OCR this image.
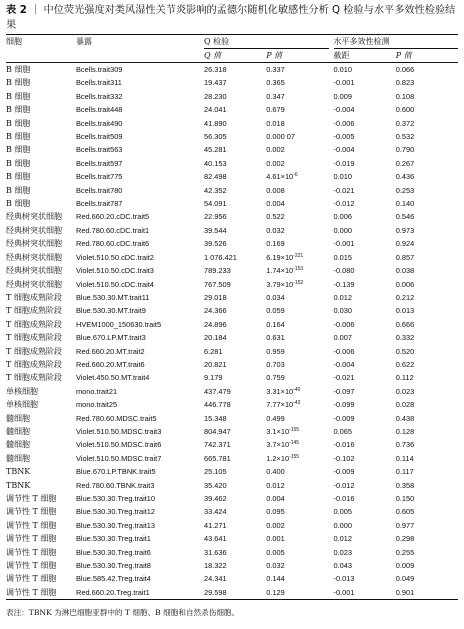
表 2 ｜ 中位荧光强度对类风湿性关节炎影响的孟德尔随机化敏感性分析 Q 检验与水平多效性检验结果
细胞	暴露	Q 检验			水平多效性检测	
		Q 值	P 值		截距	P 值
B 细胞	Bcells.trait309	26.318	0.337		0.010	0.066
B 细胞	Bcells.trait311	19.437	0.365		-0.001	0.823
B 细胞	Bcells.trait332	28.230	0.347		0.009	0.108
B 细胞	Bcells.trait448	24.041	0.679		-0.004	0.600
B 细胞	Bcells.trait490	41.890	0.018		-0.006	0.372
B 细胞	Bcells.trait509	56.305	0.000 07		-0.005	0.532
B 细胞	Bcells.trait563	45.281	0.002		-0.004	0.790
B 细胞	Bcells.trait597	40.153	0.002		-0.019	0.267
B 细胞	Bcells.trait775	82.498	$4.61\times 10^{-6}$		0.010	0.436
B 细胞	Bcells.trait780	42.352	0.008		-0.021	0.253
B 细胞	Bcells.trait787	54.091	0.004		-0.012	0.140
经典树突状细胞	Red.660.20.cDC.trait5	22.956	0.522		0.006	0.546
经典树突状细胞	Red.780.60.cDC.trait1	39.544	0.032		0.000	0.973
经典树突状细胞	Red.780.60.cDC.trait6	39.526	0.169		-0.001	0.924
经典树突状细胞	Violet.510.50.cDC.trait2	1 076.421	$6.19\times 10^{-221}$		0.015	0.857
经典树突状细胞	Violet.510.50.cDC.trait3	789.233	$1.74\times 10^{-153}$		-0.080	0.038
经典树突状细胞	Violet.510.50.cDC.trait4	767.509	$3.79\times 10^{-152}$		-0.139	0.006
T 细胞成熟阶段	Blue.530.30.MT.trait11	29.018	0.034		0.012	0.212
T 细胞成熟阶段	Blue.530.30.MT.trait9	24.366	0.059		0.030	0.013
T 细胞成熟阶段	HVEM1000_150630.trait5	24.896	0.164		-0.006	0.666
T 细胞成熟阶段	Blue.670.LP.MT.trait3	20.184	0.631		0.007	0.332
T 细胞成熟阶段	Red.660.20.MT.trait2	6.281	0.959		-0.006	0.520
T 细胞成熟阶段	Red.660.20.MT.trait6	20.821	0.703		-0.004	0.622
T 细胞成熟阶段	Violet.450.50.MT.trait4	9.179	0.759		-0.021	0.112
单核细胞	mono.trait21	437.479	$3.31\times 10^{-40}$		-0.097	0.023
单核细胞	mono.trait25	446.778	$7.77\times 10^{-43}$		-0.099	0.028
髓细胞	Red.780.60.MDSC.trait5	15.348	0.499		-0.009	0.438
髓细胞	Violet.510.50.MDSC.trait3	804.947	$3.1\times 10^{-155}$		0.065	0.128
髓细胞	Violet.510.50.MDSC.trait6	742.371	$3.7\times 10^{-145}$		-0.016	0.736
髓细胞	Violet.510.50.MDSC.trait7	665.781	$1.2\times 10^{-155}$		-0.102	0.114
TBNK	Blue.670.LP.TBNK.trait5	25.105	0.400		-0.009	0.117
TBNK	Red.780.60.TBNK.trait3	35.420	0.012		-0.012	0.358
调节性 T 细胞	Blue.530.30.Treg.trait10	39.462	0.004		-0.016	0.150
调节性 T 细胞	Blue.530.30.Treg.trait12	33.424	0.095		0.005	0.605
调节性 T 细胞	Blue.530.30.Treg.trait13	41.271	0.002		0.000	0.977
调节性 T 细胞	Blue.530.30.Treg.trait1	43.641	0.001		0.012	0.298
调节性 T 细胞	Blue.530.30.Treg.trait6	31.636	0.005		0.023	0.255
调节性 T 细胞	Blue.530.30.Treg.trait8	18.322	0.032		0.043	0.009
调节性 T 细胞	Blue.585.42.Treg.trait4	24.341	0.144		-0.013	0.049
调节性 T 细胞	Red.660.20.Treg.trait1	29.598	0.129		-0.001	0.901
表注：TBNK 为淋巴细胞亚群中的 T 细胞、B 细胞和自然杀伤细胞。
